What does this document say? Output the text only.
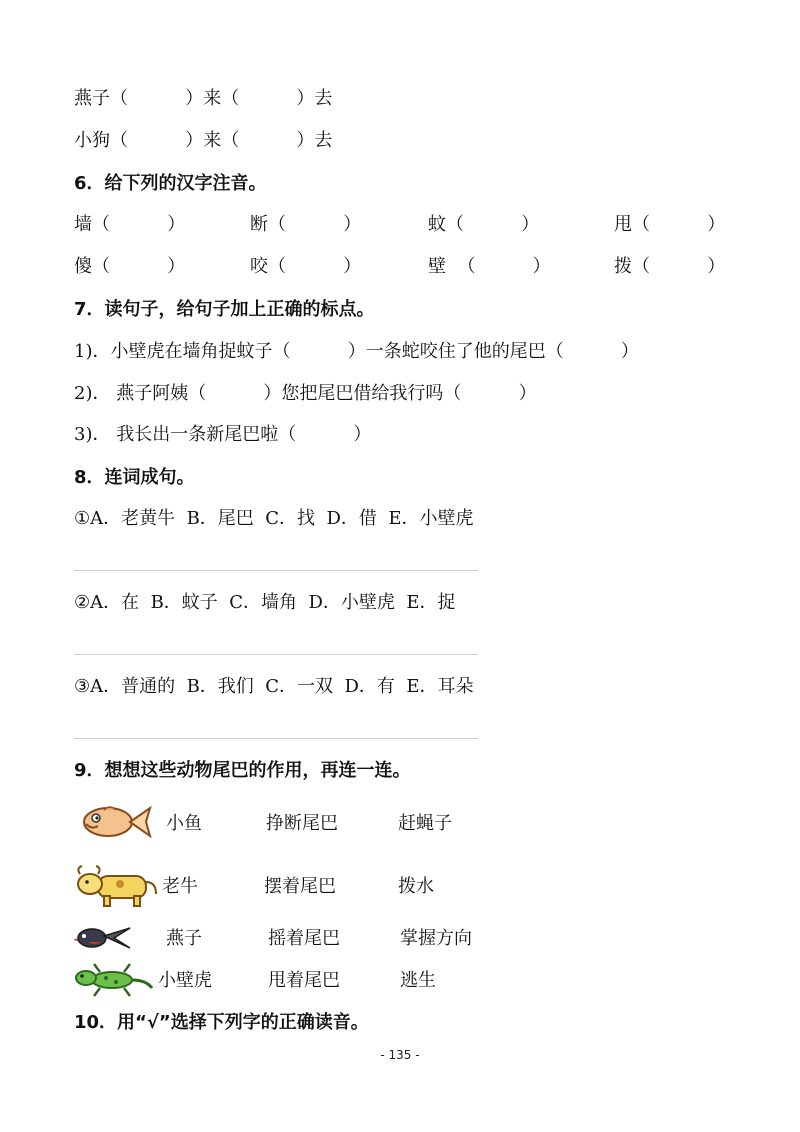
燕子（          ）来（          ）去
小狗（          ）来（          ）去
6．给下列的汉字注音。
墙（          ）	断（          ）	蚊（          ）	甩（          ）
傻（          ）	咬（          ）	壁  （          ）	拨（          ）
7．读句子，给句子加上正确的标点。
1)．小壁虎在墙角捉蚊子（          ）一条蛇咬住了他的尾巴（          ）
2)． 燕子阿姨（          ）您把尾巴借给我行吗（          ）
3)． 我长出一条新尾巴啦（          ）
8．连词成句。
①A．老黄牛  B．尾巴  C．找  D．借  E．小壁虎
②A．在  B．蚊子  C．墙角  D．小壁虎  E．捉
③A．普通的  B．我们  C．一双  D．有  E．耳朵
9．想想这些动物尾巴的作用，再连一连。
小鱼	挣断尾巴	赶蝇子
老牛	摆着尾巴	拨水
燕子	摇着尾巴	掌握方向
小壁虎	甩着尾巴	逃生
10．用“√”选择下列字的正确读音。
- 135 -
